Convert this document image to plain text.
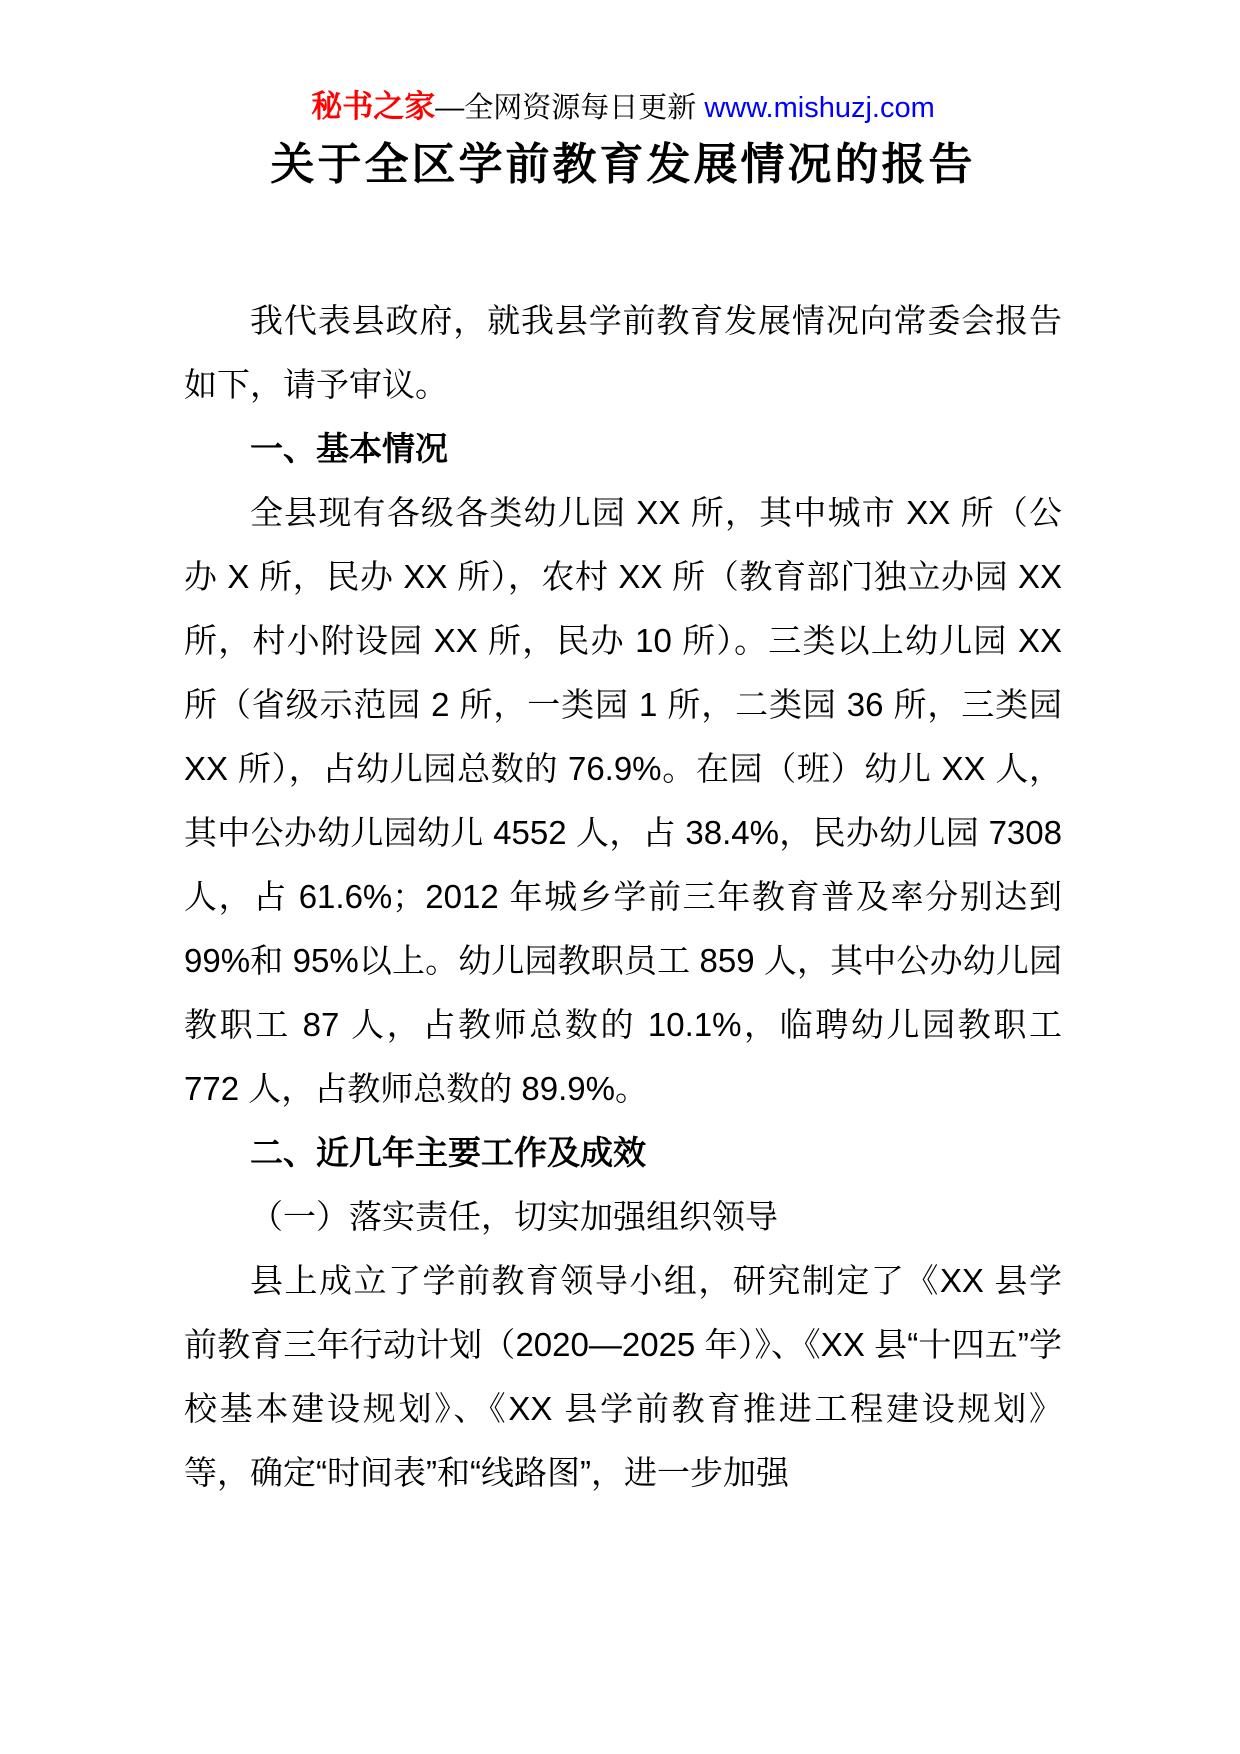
秘书之家—全网资源每日更新 www.mishuzj.com
关于全区学前教育发展情况的报告

我代表县政府，就我县学前教育发展情况向常委会报告如下，请予审议。

一、基本情况

全县现有各级各类幼儿园 XX 所，其中城市 XX 所（公办 X 所，民办 XX 所），农村 XX 所（教育部门独立办园 XX 所，村小附设园 XX 所，民办 10 所）。三类以上幼儿园 XX 所（省级示范园 2 所，一类园 1 所，二类园 36 所，三类园 XX 所），占幼儿园总数的 76.9%。在园（班）幼儿 XX 人，其中公办幼儿园幼儿 4552 人，占 38.4%，民办幼儿园 7308 人，占 61.6%；2012 年城乡学前三年教育普及率分别达到 99%和 95%以上。幼儿园教职员工 859 人，其中公办幼儿园教职工 87 人，占教师总数的 10.1%，临聘幼儿园教职工 772 人，占教师总数的 89.9%。

二、近几年主要工作及成效

（一）落实责任，切实加强组织领导

县上成立了学前教育领导小组，研究制定了《XX 县学前教育三年行动计划（2020—2025 年）》、《XX 县“十四五”学校基本建设规划》、《XX 县学前教育推进工程建设规划》等，确定“时间表”和“线路图”，进一步加强
